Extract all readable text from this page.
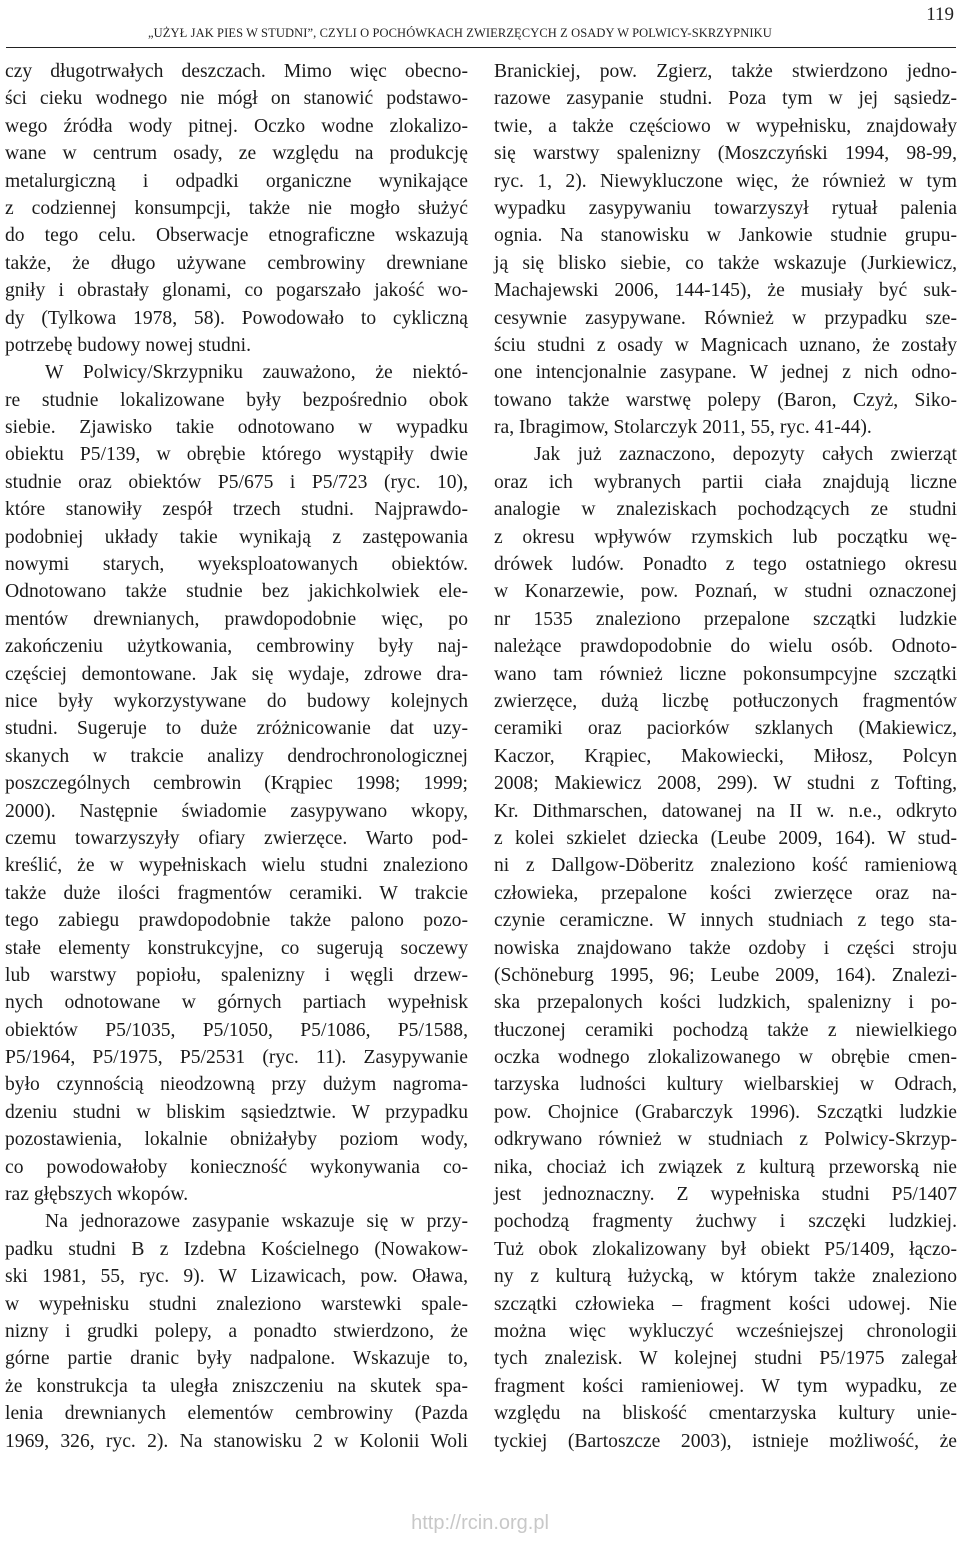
„UŻYŁ JAK PIES W STUDNI”, CZYLI O POCHÓWKACH ZWIERZĘCYCH Z OSADY W POLWICY-SKRZYPNIKU
119
czy długotrwałych deszczach. Mimo więc obecno-
ści cieku wodnego nie mógł on stanowić podstawo-
wego źródła wody pitnej. Oczko wodne zlokalizo-
wane w centrum osady, ze względu na produkcję
metalurgiczną i odpadki organiczne wynikające
z codziennej konsumpcji, także nie mogło służyć
do tego celu. Obserwacje etnograficzne wskazują
także, że długo używane cembrowiny drewniane
gniły i obrastały glonami, co pogarszało jakość wo-
dy (Tylkowa 1978, 58). Powodowało to cykliczną
potrzebę budowy nowej studni.
W Polwicy/Skrzypniku zauważono, że niektó-
re studnie lokalizowane były bezpośrednio obok
siebie. Zjawisko takie odnotowano w wypadku
obiektu P5/139, w obrębie którego wystąpiły dwie
studnie oraz obiektów P5/675 i P5/723 (ryc. 10),
które stanowiły zespół trzech studni. Najprawdo-
podobniej układy takie wynikają z zastępowania
nowymi starych, wyeksploatowanych obiektów.
Odnotowano także studnie bez jakichkolwiek ele-
mentów drewnianych, prawdopodobnie więc, po
zakończeniu użytkowania, cembrowiny były naj-
częściej demontowane. Jak się wydaje, zdrowe dra-
nice były wykorzystywane do budowy kolejnych
studni. Sugeruje to duże zróżnicowanie dat uzy-
skanych w trakcie analizy dendrochronologicznej
poszczególnych cembrowin (Krąpiec 1998; 1999;
2000). Następnie świadomie zasypywano wkopy,
czemu towarzyszyły ofiary zwierzęce. Warto pod-
kreślić, że w wypełniskach wielu studni znaleziono
także duże ilości fragmentów ceramiki. W trakcie
tego zabiegu prawdopodobnie także palono pozo-
stałe elementy konstrukcyjne, co sugerują soczewy
lub warstwy popiołu, spalenizny i węgli drzew-
nych odnotowane w górnych partiach wypełnisk
obiektów P5/1035, P5/1050, P5/1086, P5/1588,
P5/1964, P5/1975, P5/2531 (ryc. 11). Zasypywanie
było czynnością nieodzowną przy dużym nagroma-
dzeniu studni w bliskim sąsiedztwie. W przypadku
pozostawienia, lokalnie obniżałyby poziom wody,
co powodowałoby konieczność wykonywania co-
raz głębszych wkopów.
Na jednorazowe zasypanie wskazuje się w przy-
padku studni B z Izdebna Kościelnego (Nowakow-
ski 1981, 55, ryc. 9). W Lizawicach, pow. Oława,
w wypełnisku studni znaleziono warstewki spale-
nizny i grudki polepy, a ponadto stwierdzono, że
górne partie dranic były nadpalone. Wskazuje to,
że konstrukcja ta uległa zniszczeniu na skutek spa-
lenia drewnianych elementów cembrowiny (Pazda
1969, 326, ryc. 2). Na stanowisku 2 w Kolonii Woli
Branickiej, pow. Zgierz, także stwierdzono jedno-
razowe zasypanie studni. Poza tym w jej sąsiedz-
twie, a także częściowo w wypełnisku, znajdowały
się warstwy spalenizny (Moszczyński 1994, 98-99,
ryc. 1, 2). Niewykluczone więc, że również w tym
wypadku zasypywaniu towarzyszył rytuał palenia
ognia. Na stanowisku w Jankowie studnie grupu-
ją się blisko siebie, co także wskazuje (Jurkiewicz,
Machajewski 2006, 144-145), że musiały być suk-
cesywnie zasypywane. Również w przypadku sze-
ściu studni z osady w Magnicach uznano, że zostały
one intencjonalnie zasypane. W jednej z nich odno-
towano także warstwę polepy (Baron, Czyż, Siko-
ra, Ibragimow, Stolarczyk 2011, 55, ryc. 41-44).
Jak już zaznaczono, depozyty całych zwierząt
oraz ich wybranych partii ciała znajdują liczne
analogie w znaleziskach pochodzących ze studni
z okresu wpływów rzymskich lub początku wę-
drówek ludów. Ponadto z tego ostatniego okresu
w Konarzewie, pow. Poznań, w studni oznaczonej
nr 1535 znaleziono przepalone szczątki ludzkie
należące prawdopodobnie do wielu osób. Odnoto-
wano tam również liczne pokonsumpcyjne szczątki
zwierzęce, dużą liczbę potłuczonych fragmentów
ceramiki oraz paciorków szklanych (Makiewicz,
Kaczor, Krąpiec, Makowiecki, Miłosz, Polcyn
2008; Makiewicz 2008, 299). W studni z Tofting,
Kr. Dithmarschen, datowanej na II w. n.e., odkryto
z kolei szkielet dziecka (Leube 2009, 164). W stud-
ni z Dallgow-Döberitz znaleziono kość ramieniową
człowieka, przepalone kości zwierzęce oraz na-
czynie ceramiczne. W innych studniach z tego sta-
nowiska znajdowano także ozdoby i części stroju
(Schöneburg 1995, 96; Leube 2009, 164). Znalezi-
ska przepalonych kości ludzkich, spalenizny i po-
tłuczonej ceramiki pochodzą także z niewielkiego
oczka wodnego zlokalizowanego w obrębie cmen-
tarzyska ludności kultury wielbarskiej w Odrach,
pow. Chojnice (Grabarczyk 1996). Szczątki ludzkie
odkrywano również w studniach z Polwicy-Skrzyp-
nika, chociaż ich związek z kulturą przeworską nie
jest jednoznaczny. Z wypełniska studni P5/1407
pochodzą fragmenty żuchwy i szczęki ludzkiej.
Tuż obok zlokalizowany był obiekt P5/1409, łączo-
ny z kulturą łużycką, w którym także znaleziono
szczątki człowieka – fragment kości udowej. Nie
można więc wykluczyć wcześniejszej chronologii
tych znalezisk. W kolejnej studni P5/1975 zalegał
fragment kości ramieniowej. W tym wypadku, ze
względu na bliskość cmentarzyska kultury unie-
tyckiej (Bartoszcze 2003), istnieje możliwość, że
http://rcin.org.pl
